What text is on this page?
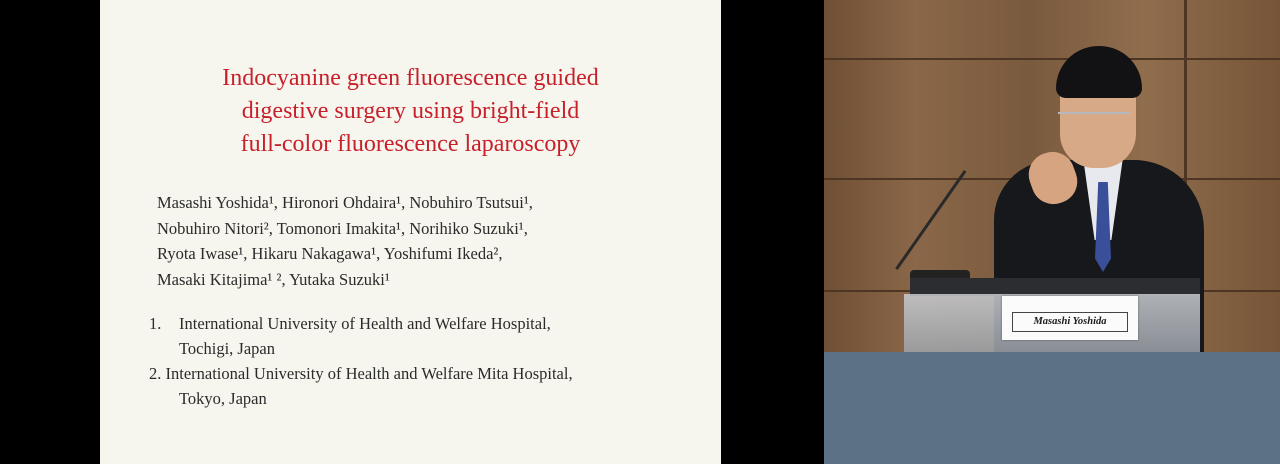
Indocyanine green fluorescence guided
digestive surgery using bright-field
full-color fluorescence laparoscopy
Masashi Yoshida¹, Hironori Ohdaira¹, Nobuhiro Tsutsui¹,
Nobuhiro Nitori², Tomonori Imakita¹, Norihiko Suzuki¹,
Ryota Iwase¹, Hikaru Nakagawa¹, Yoshifumi Ikeda²,
Masaki Kitajima¹ ², Yutaka Suzuki¹
1. International University of Health and Welfare Hospital,
Tochigi, Japan
2. International University of Health and Welfare Mita Hospital,
Tokyo, Japan
Masashi Yoshida
